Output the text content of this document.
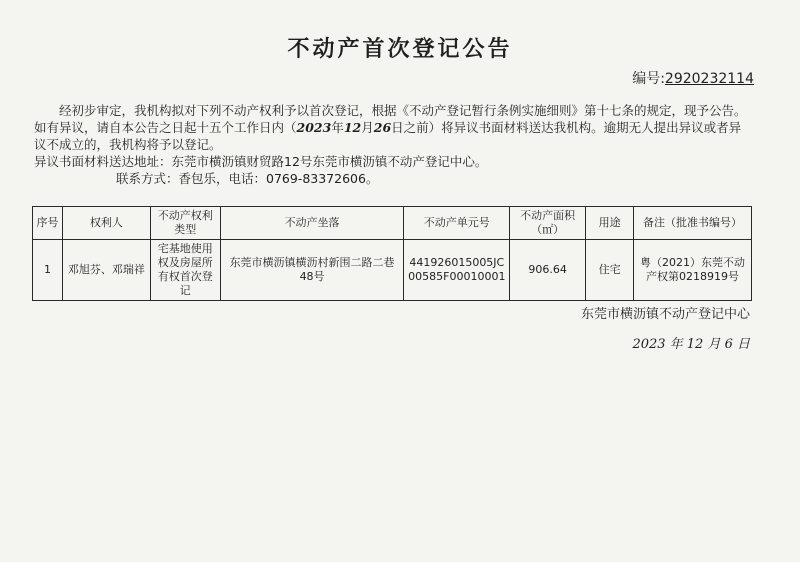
不动产首次登记公告
编号:2920232114

经初步审定，我机构拟对下列不动产权利予以首次登记，根据《不动产登记暂行条例实施细则》第十七条的规定，现予公告。如有异议，请自本公告之日起十五个工作日内（2023年12月26日之前）将异议书面材料送达我机构。逾期无人提出异议或者异议不成立的，我机构将予以登记。

异议书面材料送达地址：东莞市横沥镇财贸路12号东莞市横沥镇不动产登记中心。

联系方式：香包乐，电话：0769-83372606。

序号	权利人	不动产权利类型	不动产坐落	不动产单元号	不动产面积（㎡）	用途	备注（批准书编号）
1	邓旭芬、邓瑞祥	宅基地使用权及房屋所有权首次登记	东莞市横沥镇横沥村新围二路二巷48号	441926015005JC00585F00010001	906.64	住宅	粤（2021）东莞不动产权第0218919号
东莞市横沥镇不动产登记中心
2023 年 12 月 6 日
